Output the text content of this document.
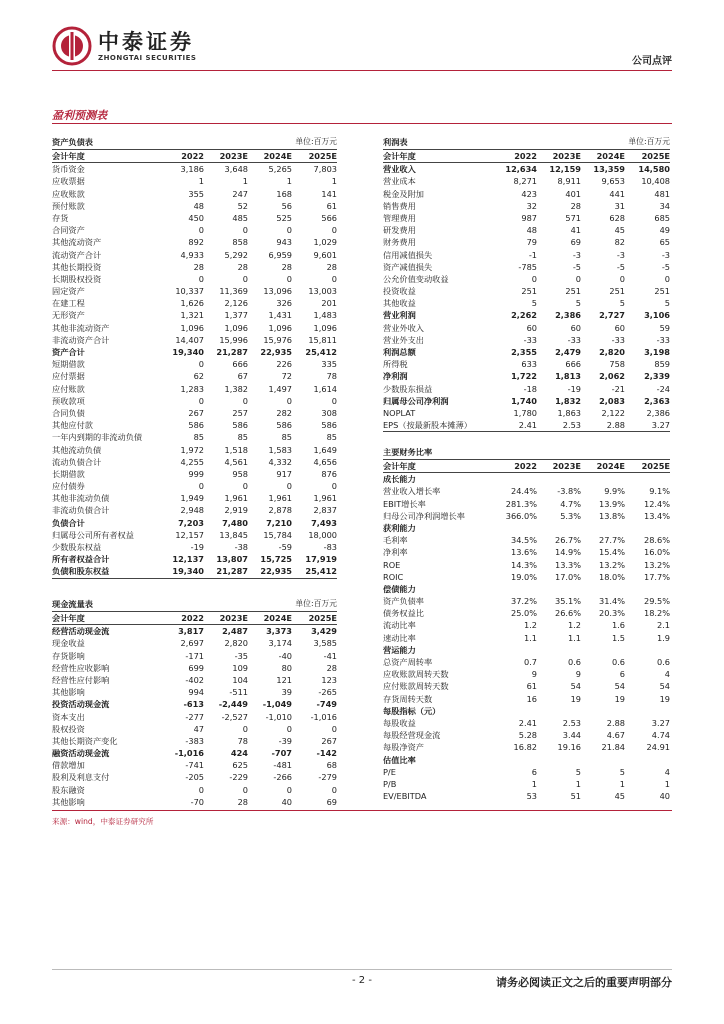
中泰证券
ZHONGTAI SECURITIES	公司点评
盈利预测表
资产负债表	单位:百万元
会计年度	2022	2023E	2024E	2025E
货币资金	3,186	3,648	5,265	7,803
应收票据	1	1	1	1
应收账款	355	247	168	141
预付账款	48	52	56	61
存货	450	485	525	566
合同资产	0	0	0	0
其他流动资产	892	858	943	1,029
流动资产合计	4,933	5,292	6,959	9,601
其他长期投资	28	28	28	28
长期股权投资	0	0	0	0
固定资产	10,337	11,369	13,096	13,003
在建工程	1,626	2,126	326	201
无形资产	1,321	1,377	1,431	1,483
其他非流动资产	1,096	1,096	1,096	1,096
非流动资产合计	14,407	15,996	15,976	15,811
资产合计	19,340	21,287	22,935	25,412
短期借款	0	666	226	335
应付票据	62	67	72	78
应付账款	1,283	1,382	1,497	1,614
预收款项	0	0	0	0
合同负债	267	257	282	308
其他应付款	586	586	586	586
一年内到期的非流动负债	85	85	85	85
其他流动负债	1,972	1,518	1,583	1,649
流动负债合计	4,255	4,561	4,332	4,656
长期借款	999	958	917	876
应付债券	0	0	0	0
其他非流动负债	1,949	1,961	1,961	1,961
非流动负债合计	2,948	2,919	2,878	2,837
负债合计	7,203	7,480	7,210	7,493
归属母公司所有者权益	12,157	13,845	15,784	18,000
少数股东权益	-19	-38	-59	-83
所有者权益合计	12,137	13,807	15,725	17,919
负债和股东权益	19,340	21,287	22,935	25,412
现金流量表	单位:百万元
会计年度	2022	2023E	2024E	2025E
经营活动现金流	3,817	2,487	3,373	3,429
现金收益	2,697	2,820	3,174	3,585
存货影响	-171	-35	-40	-41
经营性应收影响	699	109	80	28
经营性应付影响	-402	104	121	123
其他影响	994	-511	39	-265
投资活动现金流	-613	-2,449	-1,049	-749
资本支出	-277	-2,527	-1,010	-1,016
股权投资	47	0	0	0
其他长期资产变化	-383	78	-39	267
融资活动现金流	-1,016	424	-707	-142
借款增加	-741	625	-481	68
股利及利息支付	-205	-229	-266	-279
股东融资	0	0	0	0
其他影响	-70	28	40	69
利润表	单位:百万元
会计年度	2022	2023E	2024E	2025E
营业收入	12,634	12,159	13,359	14,580
营业成本	8,271	8,911	9,653	10,408
税金及附加	423	401	441	481
销售费用	32	28	31	34
管理费用	987	571	628	685
研发费用	48	41	45	49
财务费用	79	69	82	65
信用减值损失	-1	-3	-3	-3
资产减值损失	-785	-5	-5	-5
公允价值变动收益	0	0	0	0
投资收益	251	251	251	251
其他收益	5	5	5	5
营业利润	2,262	2,386	2,727	3,106
营业外收入	60	60	60	59
营业外支出	-33	-33	-33	-33
利润总额	2,355	2,479	2,820	3,198
所得税	633	666	758	859
净利润	1,722	1,813	2,062	2,339
少数股东损益	-18	-19	-21	-24
归属母公司净利润	1,740	1,832	2,083	2,363
NOPLAT	1,780	1,863	2,122	2,386
EPS（按最新股本摊薄）	2.41	2.53	2.88	3.27
主要财务比率
会计年度	2022	2023E	2024E	2025E
成长能力
营业收入增长率	24.4%	-3.8%	9.9%	9.1%
EBIT增长率	281.3%	4.7%	13.9%	12.4%
归母公司净利润增长率	366.0%	5.3%	13.8%	13.4%
获利能力
毛利率	34.5%	26.7%	27.7%	28.6%
净利率	13.6%	14.9%	15.4%	16.0%
ROE	14.3%	13.3%	13.2%	13.2%
ROIC	19.0%	17.0%	18.0%	17.7%
偿债能力
资产负债率	37.2%	35.1%	31.4%	29.5%
债务权益比	25.0%	26.6%	20.3%	18.2%
流动比率	1.2	1.2	1.6	2.1
速动比率	1.1	1.1	1.5	1.9
营运能力
总资产周转率	0.7	0.6	0.6	0.6
应收账款周转天数	9	9	6	4
应付账款周转天数	61	54	54	54
存货周转天数	16	19	19	19
每股指标（元）
每股收益	2.41	2.53	2.88	3.27
每股经营现金流	5.28	3.44	4.67	4.74
每股净资产	16.82	19.16	21.84	24.91
估值比率
P/E	6	5	5	4
P/B	1	1	1	1
EV/EBITDA	53	51	45	40
来源：wind，中泰证券研究所
- 2 -	请务必阅读正文之后的重要声明部分
